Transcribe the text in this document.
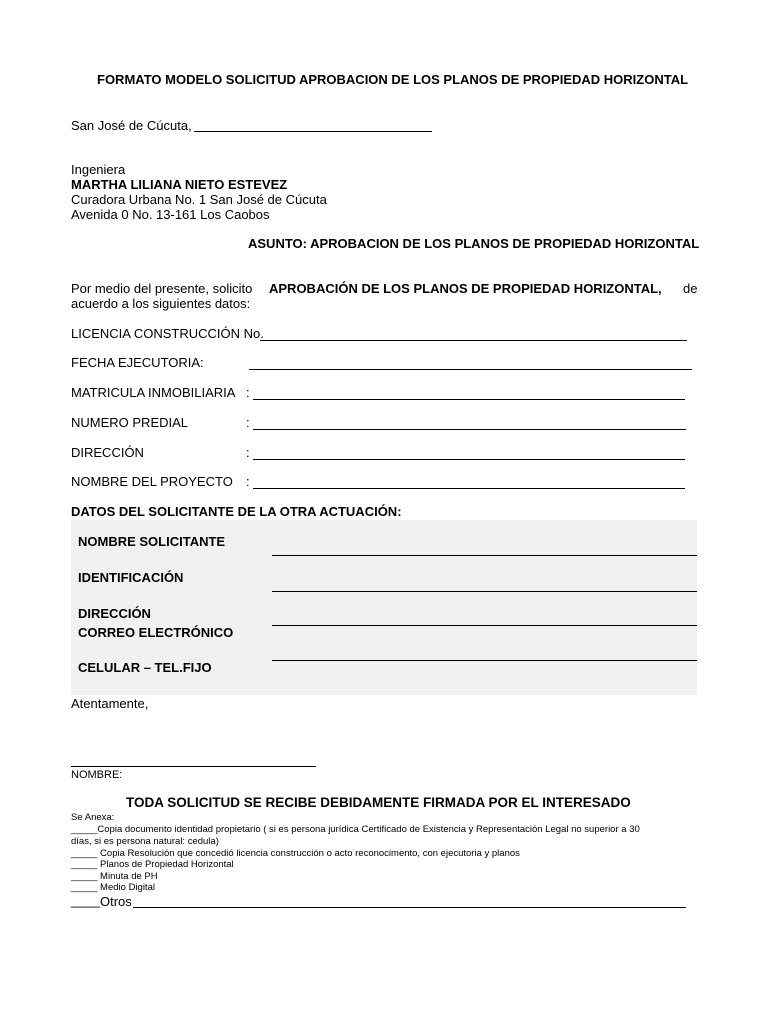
FORMATO MODELO SOLICITUD APROBACION DE LOS PLANOS DE PROPIEDAD HORIZONTAL
San José de Cúcuta,
Ingeniera
MARTHA LILIANA NIETO ESTEVEZ
Curadora Urbana No. 1 San José de Cúcuta
Avenida 0 No. 13-161 Los Caobos
ASUNTO: APROBACION DE LOS PLANOS DE PROPIEDAD HORIZONTAL
Por medio del presente, solicito APROBACIÓN DE LOS PLANOS DE PROPIEDAD HORIZONTAL, de
acuerdo a los siguientes datos:
LICENCIA CONSTRUCCIÓN No.
FECHA EJECUTORIA:
MATRICULA INMOBILIARIA :
NUMERO PREDIAL	:
DIRECCIÓN	:
NOMBRE DEL PROYECTO :
DATOS DEL SOLICITANTE DE LA OTRA ACTUACIÓN:
NOMBRE SOLICITANTE
IDENTIFICACIÓN
DIRECCIÓN
CORREO ELECTRÓNICO
CELULAR – TEL.FIJO
Atentamente,
NOMBRE:
TODA SOLICITUD SE RECIBE DEBIDAMENTE FIRMADA POR EL INTERESADO
Se Anexa:
_____Copia documento identidad propietario ( si es persona jurídica Certificado de Existencia y Representación Legal no superior a 30
días, si es persona natural: cedula)
_____ Copia Resolución que concedió licencia construcción o acto reconocimento, con ejecutoria y planos
_____ Planos de Propiedad Horizontal
_____ Minuta de PH
_____ Medio Digital
____ Otros
